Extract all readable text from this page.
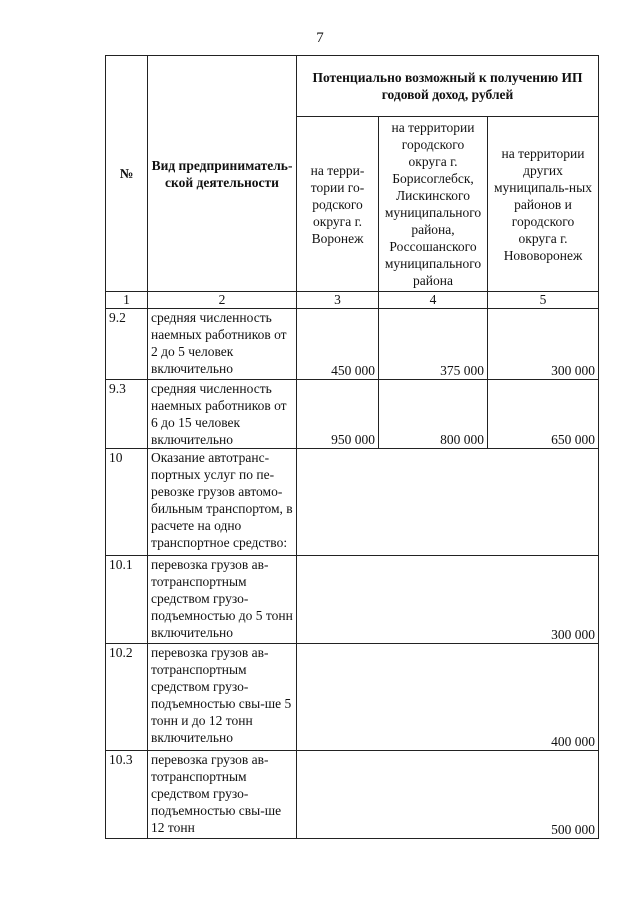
7
№	Вид предприниматель-ской деятельности	Потенциально возможный к получению ИП годовой доход, рублей		
		на терри-тории го-родского округа г. Воронеж	на территории городского округа г. Борисоглебск, Лискинского муниципального района, Россошанского муниципального района	на территории других муниципаль-ных районов и городского округа г. Нововоронеж
1	2	3	4	5
9.2	средняя численность наемных работников от 2 до 5 человек включительно	450 000	375 000	300 000
9.3	средняя численность наемных работников от 6 до 15 человек включительно	950 000	800 000	650 000
10	Оказание автотранс-портных услуг по пе-ревозке грузов автомо-бильным транспортом, в расчете на одно транспортное средство:			
10.1	перевозка грузов ав-тотранспортным средством грузо-подъемностью до 5 тонн включительно	300 000		
10.2	перевозка грузов ав-тотранспортным средством грузо-подъемностью свы-ше 5 тонн и до 12 тонн включительно	400 000		
10.3	перевозка грузов ав-тотранспортным средством грузо-подъемностью свы-ше 12 тонн	500 000		
